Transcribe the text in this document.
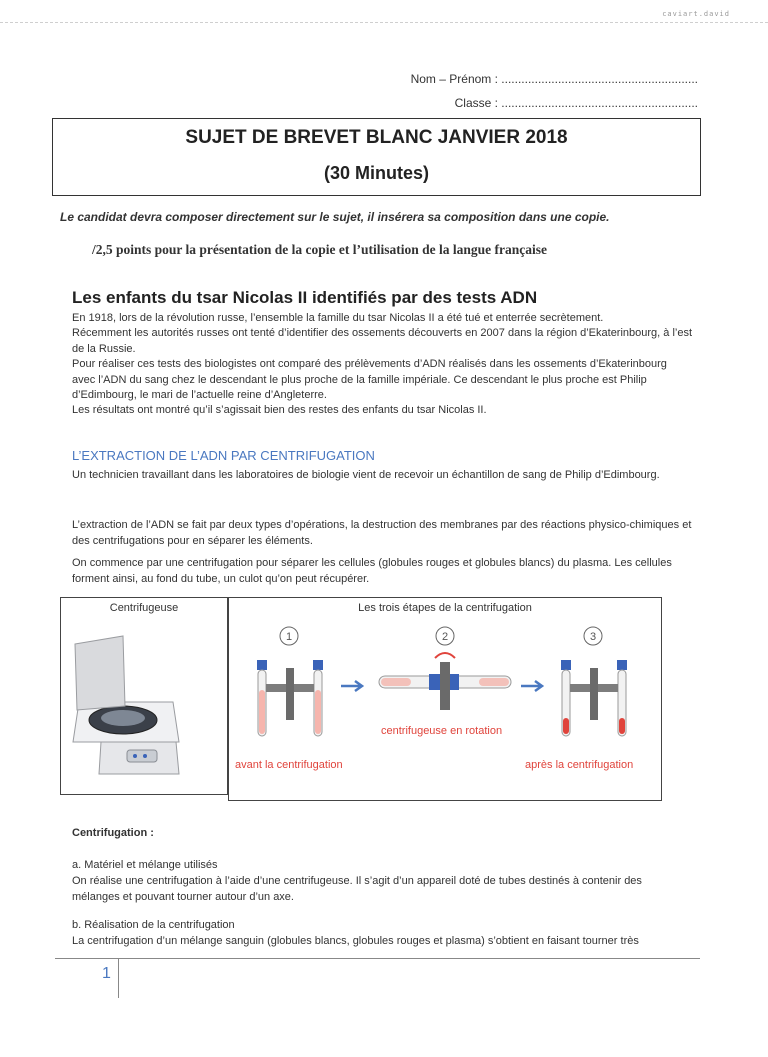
caviart.david
Nom – Prénom : ...........................................................
Classe : ...........................................................
SUJET DE BREVET BLANC JANVIER 2018
(30 Minutes)
Le candidat devra composer directement sur le sujet, il insérera sa composition dans une copie.
/2,5 points pour la présentation de la copie et l’utilisation de la langue française
Les enfants du tsar Nicolas II identifiés par des tests ADN
En 1918, lors de la révolution russe, l’ensemble la famille du tsar Nicolas II a été tué et enterrée secrètement.
Récemment les autorités russes ont tenté d’identifier des ossements découverts en 2007 dans la région d’Ekaterinbourg, à l’est de la Russie.
Pour réaliser ces tests des biologistes ont comparé des prélèvements d’ADN réalisés dans les ossements d’Ekaterinbourg avec l’ADN du sang chez le descendant le plus proche de la famille impériale. Ce descendant le plus proche est Philip d’Edimbourg, le mari de l’actuelle reine d’Angleterre.
Les résultats ont montré qu’il s’agissait bien des restes des enfants du tsar Nicolas II.
L’EXTRACTION DE L’ADN PAR CENTRIFUGATION
Un technicien travaillant dans les laboratoires de biologie vient de recevoir un échantillon de sang de Philip d’Edimbourg.
L’extraction de l’ADN se fait par deux types d’opérations, la destruction des membranes par des réactions physico-chimiques et des centrifugations pour en séparer les éléments.
On commence par une centrifugation pour séparer les cellules (globules rouges et globules blancs) du plasma. Les cellules forment ainsi, au fond du tube, un culot qu’on peut récupérer.
Centrifugeuse	Les trois étapes de la centrifugation
1	2	3
avant la centrifugation
centrifugeuse en rotation
après la centrifugation
Centrifugation :
a. Matériel et mélange utilisés
On réalise une centrifugation à l’aide d’une centrifugeuse. Il s’agit d’un appareil doté de tubes destinés à contenir des mélanges et pouvant tourner autour d’un axe.
b. Réalisation de la centrifugation
La centrifugation d’un mélange sanguin (globules blancs, globules rouges et plasma) s’obtient en faisant tourner très
1
